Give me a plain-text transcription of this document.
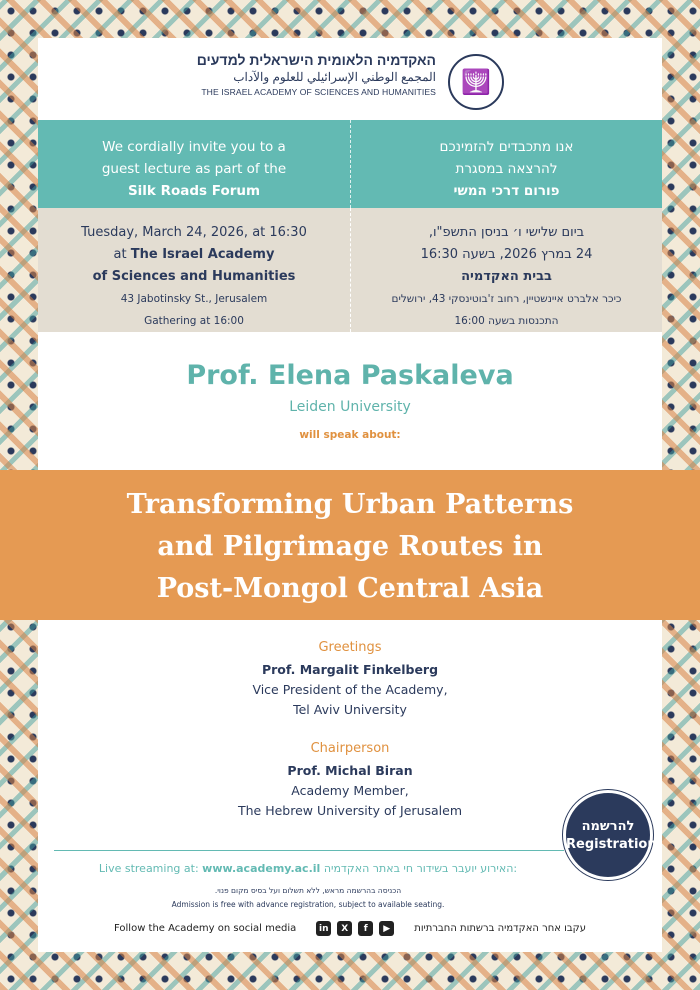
האקדמיה הלאומית הישראלית למדעים
المجمع الوطني الإسرائيلي للعلوم والآداب
THE ISRAEL ACADEMY OF SCIENCES AND HUMANITIES	🕎
We cordially invite you to a
guest lecture as part of the
Silk Roads Forum
אנו מתכבדים להזמינכם
להרצאה במסגרת
פורום דרכי המשי
Tuesday, March 24, 2026, at 16:30
at The Israel Academy
of Sciences and Humanities
43 Jabotinsky St., Jerusalem
Gathering at 16:00
ביום שלישי ו׳ בניסן התשפ"ו,
24 במרץ 2026, בשעה 16:30
בבית האקדמיה
כיכר אלברט איינשטיין, רחוב ז'בוטינסקי 43, ירושלים
התכנסות בשעה 16:00
Prof. Elena Paskaleva
Leiden University
will speak about:
Greetings
Prof. Margalit Finkelberg
Vice President of the Academy,
Tel Aviv University
Chairperson
Prof. Michal Biran
Academy Member,
The Hebrew University of Jerusalem
Live streaming at: www.academy.ac.il האירוע יועבר בשידור חי באתר האקדמיה:
הכניסה בהרשמה מראש, ללא תשלום ועל בסיס מקום פנוי.
Admission is free with advance registration, subject to available seating.
Follow the Academy on social media	in	X	f	▶	עקבו אחר האקדמיה ברשתות החברתיות
Transforming Urban Patterns
and Pilgrimage Routes in
Post-Mongol Central Asia
להרשמה
Registration
